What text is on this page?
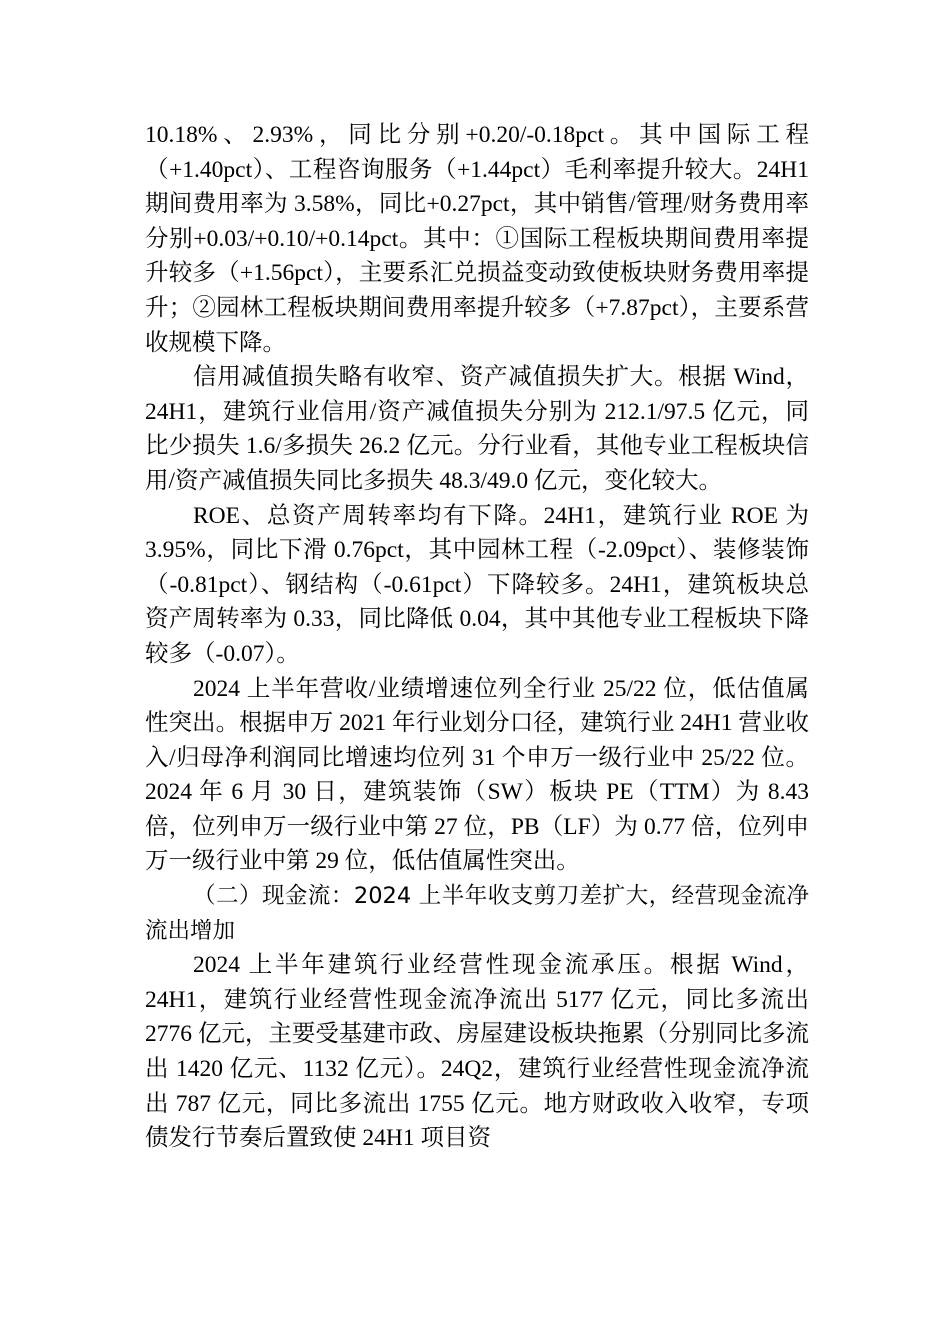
10.18%、2.93%，同比分别+0.20/-0.18pct。其中国际工程（+1.40pct）、工程咨询服务（+1.44pct）毛利率提升较大。24H1 期间费用率为 3.58%，同比+0.27pct，其中销售/管理/财务费用率分别+0.03/+0.10/+0.14pct。其中：①国际工程板块期间费用率提升较多（+1.56pct），主要系汇兑损益变动致使板块财务费用率提升；②园林工程板块期间费用率提升较多（+7.87pct），主要系营收规模下降。

信用减值损失略有收窄、资产减值损失扩大。根据 Wind，24H1，建筑行业信用/资产减值损失分别为 212.1/97.5 亿元，同比少损失 1.6/多损失 26.2 亿元。分行业看，其他专业工程板块信用/资产减值损失同比多损失 48.3/49.0 亿元，变化较大。

ROE、总资产周转率均有下降。24H1，建筑行业 ROE 为 3.95%，同比下滑 0.76pct，其中园林工程（-2.09pct）、装修装饰（-0.81pct）、钢结构（-0.61pct）下降较多。24H1，建筑板块总资产周转率为 0.33，同比降低 0.04，其中其他专业工程板块下降较多（-0.07）。

2024 上半年营收/业绩增速位列全行业 25/22 位，低估值属性突出。根据申万 2021 年行业划分口径，建筑行业 24H1 营业收入/归母净利润同比增速均位列 31 个申万一级行业中 25/22 位。2024 年 6 月 30 日，建筑装饰（SW）板块 PE（TTM）为 8.43 倍，位列申万一级行业中第 27 位，PB（LF）为 0.77 倍，位列申万一级行业中第 29 位，低估值属性突出。

（二）现金流：2024 上半年收支剪刀差扩大，经营现金流净流出增加

2024 上半年建筑行业经营性现金流承压。根据 Wind，24H1，建筑行业经营性现金流净流出 5177 亿元，同比多流出 2776 亿元，主要受基建市政、房屋建设板块拖累（分别同比多流出 1420 亿元、1132 亿元）。24Q2，建筑行业经营性现金流净流出 787 亿元，同比多流出 1755 亿元。地方财政收入收窄，专项债发行节奏后置致使 24H1 项目资
